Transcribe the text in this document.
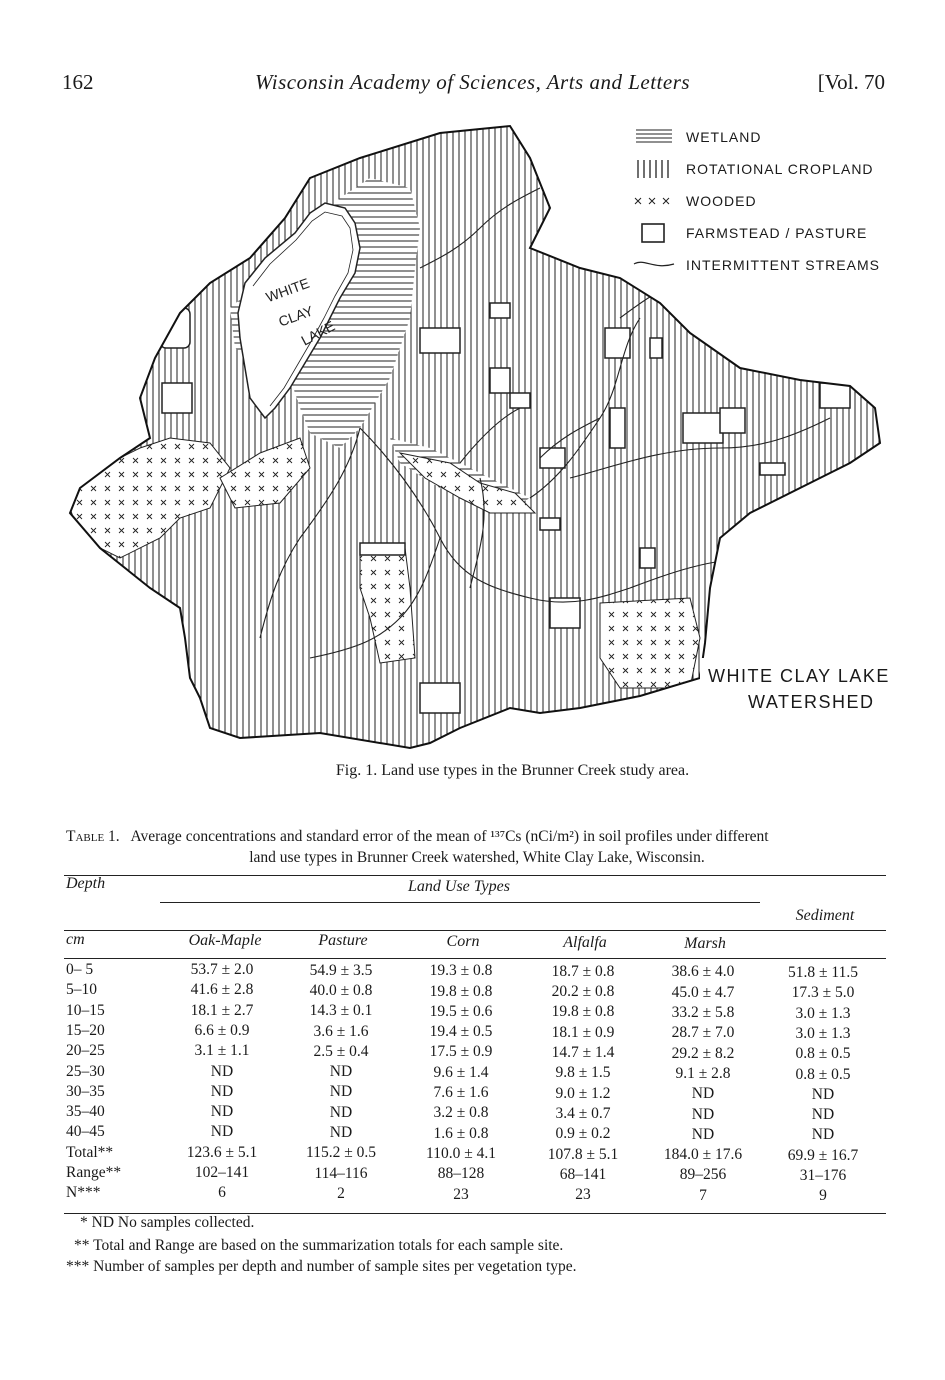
162	Wisconsin Academy of Sciences, Arts and Letters	[Vol. 70
WHITE
CLAY
LAKE
WETLAND
ROTATIONAL CROPLAND
WOODED
FARMSTEAD / PASTURE
INTERMITTENT STREAMS
WHITE CLAY LAKE
WATERSHED
Fig. 1. Land use types in the Brunner Creek study area.
Table 1. Average concentrations and standard error of the mean of ¹³⁷Cs (nCi/m²) in soil profiles under different
land use types in Brunner Creek watershed, White Clay Lake, Wisconsin.
Depth
cm
Land Use Types
Oak-Maple	Pasture	Corn	Alfalfa	Marsh
Sediment
0– 5	53.7 ± 2.0	54.9 ± 3.5	19.3 ± 0.8	18.7 ± 0.8	38.6 ± 4.0	51.8 ± 11.5
5–10	41.6 ± 2.8	40.0 ± 0.8	19.8 ± 0.8	20.2 ± 0.8	45.0 ± 4.7	17.3 ± 5.0
10–15	18.1 ± 2.7	14.3 ± 0.1	19.5 ± 0.6	19.8 ± 0.8	33.2 ± 5.8	3.0 ± 1.3
15–20	6.6 ± 0.9	3.6 ± 1.6	19.4 ± 0.5	18.1 ± 0.9	28.7 ± 7.0	3.0 ± 1.3
20–25	3.1 ± 1.1	2.5 ± 0.4	17.5 ± 0.9	14.7 ± 1.4	29.2 ± 8.2	0.8 ± 0.5
25–30	ND	ND	9.6 ± 1.4	9.8 ± 1.5	9.1 ± 2.8	0.8 ± 0.5
30–35	ND	ND	7.6 ± 1.6	9.0 ± 1.2	ND	ND
35–40	ND	ND	3.2 ± 0.8	3.4 ± 0.7	ND	ND
40–45	ND	ND	1.6 ± 0.8	0.9 ± 0.2	ND	ND
Total**	123.6 ± 5.1	115.2 ± 0.5	110.0 ± 4.1	107.8 ± 5.1	184.0 ± 17.6	69.9 ± 16.7
Range**	102–141	114–116	88–128	68–141	89–256	31–176
N***	6	2	23	23	7	9
* ND No samples collected.
** Total and Range are based on the summarization totals for each sample site.
*** Number of samples per depth and number of sample sites per vegetation type.
